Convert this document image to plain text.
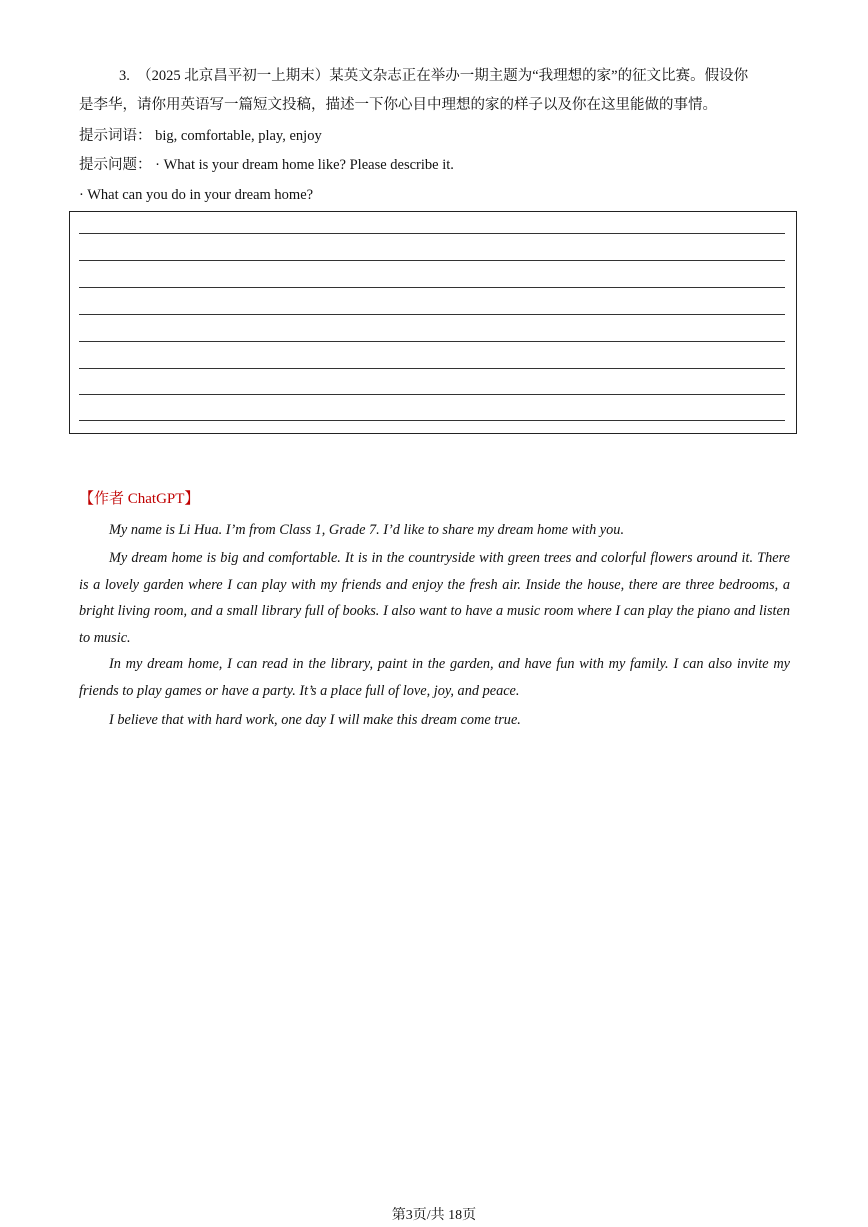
3.　（2025 北京昌平初一上期末）某英文杂志正在举办一期主题为“我理想的家”的征文比赛。假设你
是李华，请你用英语写一篇短文投稿，描述一下你心目中理想的家的样子以及你在这里能做的事情。
提示词语： big, comfortable, play, enjoy
提示问题： · What is your dream home like? Please describe it.
· What can you do in your dream home?
【作者 ChatGPT】

My name is Li Hua. I’m from Class 1, Grade 7. I’d like to share my dream home with you.

My dream home is big and comfortable. It is in the countryside with green trees and colorful flowers around it. There is a lovely garden where I can play with my friends and enjoy the fresh air. Inside the house, there are three bedrooms, a bright living room, and a small library full of books. I also want to have a music room where I can play the piano and listen to music.

In my dream home, I can read in the library, paint in the garden, and have fun with my family. I can also invite my friends to play games or have a party. It’s a place full of love, joy, and peace.

I believe that with hard work, one day I will make this dream come true.

第3页/共 18页
